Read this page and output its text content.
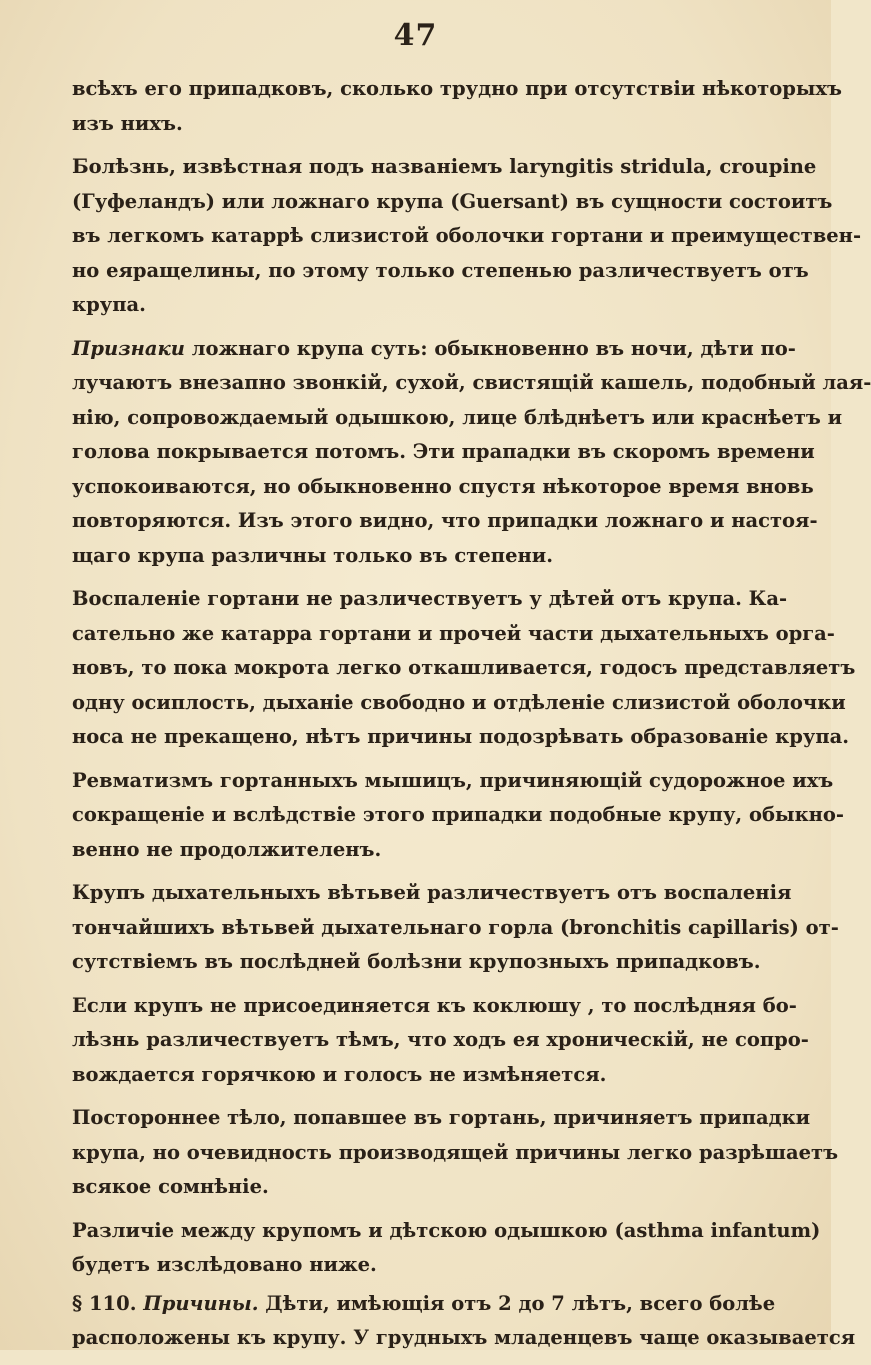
47
всѣхъ его припадковъ, сколько трудно при отсутствіи нѣкоторыхъ
изъ нихъ.
Болѣзнь, извѣстная подъ названіемъ laryngitis stridula, croupine
(Гуфеландъ) или ложнаго крупа (Guersant) въ сущности состоитъ
въ легкомъ катаррѣ слизистой оболочки гортани и преимуществен-
но еяращелины, по этому только степенью различествуетъ отъ
крупа.
Признаки ложнаго крупа суть: обыкновенно въ ночи, дѣти по-
лучаютъ внезапно звонкій, сухой, свистящій кашель, подобный лая-
нію, сопровождаемый одышкою, лице блѣднѣетъ или краснѣетъ и
голова покрывается потомъ. Эти прападки въ скоромъ времени
успокоиваются, но обыкновенно спустя нѣкоторое время вновь
повторяются. Изъ этого видно, что припадки ложнаго и настоя-
щаго крупа различны только въ степени.
Воспаленіе гортани не различествуетъ у дѣтей отъ крупа. Ка-
сательно же катарра гортани и прочей части дыхательныхъ орга-
новъ, то пока мокрота легко откашливается, годосъ представляетъ
одну осиплость, дыханіе свободно и отдѣленіе слизистой оболочки
носа не прекащено, нѣтъ причины подозрѣвать образованіе крупа.
Ревматизмъ гортанныхъ мышицъ, причиняющій судорожное ихъ
сокращеніе и вслѣдствіе этого припадки подобные крупу, обыкно-
венно не продолжителенъ.
Крупъ дыхательныхъ вѣтьвей различествуетъ отъ воспаленія
тончайшихъ вѣтьвей дыхательнаго горла (bronchitis capillaris) от-
сутствіемъ въ послѣдней болѣзни крупозныхъ припадковъ.
Если крупъ не присоединяется къ коклюшу , то послѣдняя бо-
лѣзнь различествуетъ тѣмъ, что ходъ ея хроническій, не сопро-
вождается горячкою и голосъ не измѣняется.
Постороннее тѣло, попавшее въ гортань, причиняетъ припадки
крупа, но очевидность производящей причины легко разрѣшаетъ
всякое сомнѣніе.
Различіе между крупомъ и дѣтскою одышкою (asthma infantum)
будетъ изслѣдовано ниже.
§ 110. Причины. Дѣти, имѣющія отъ 2 до 7 лѣтъ, всего болѣе
расположены къ крупу. У грудныхъ младенцевъ чаще оказывается
